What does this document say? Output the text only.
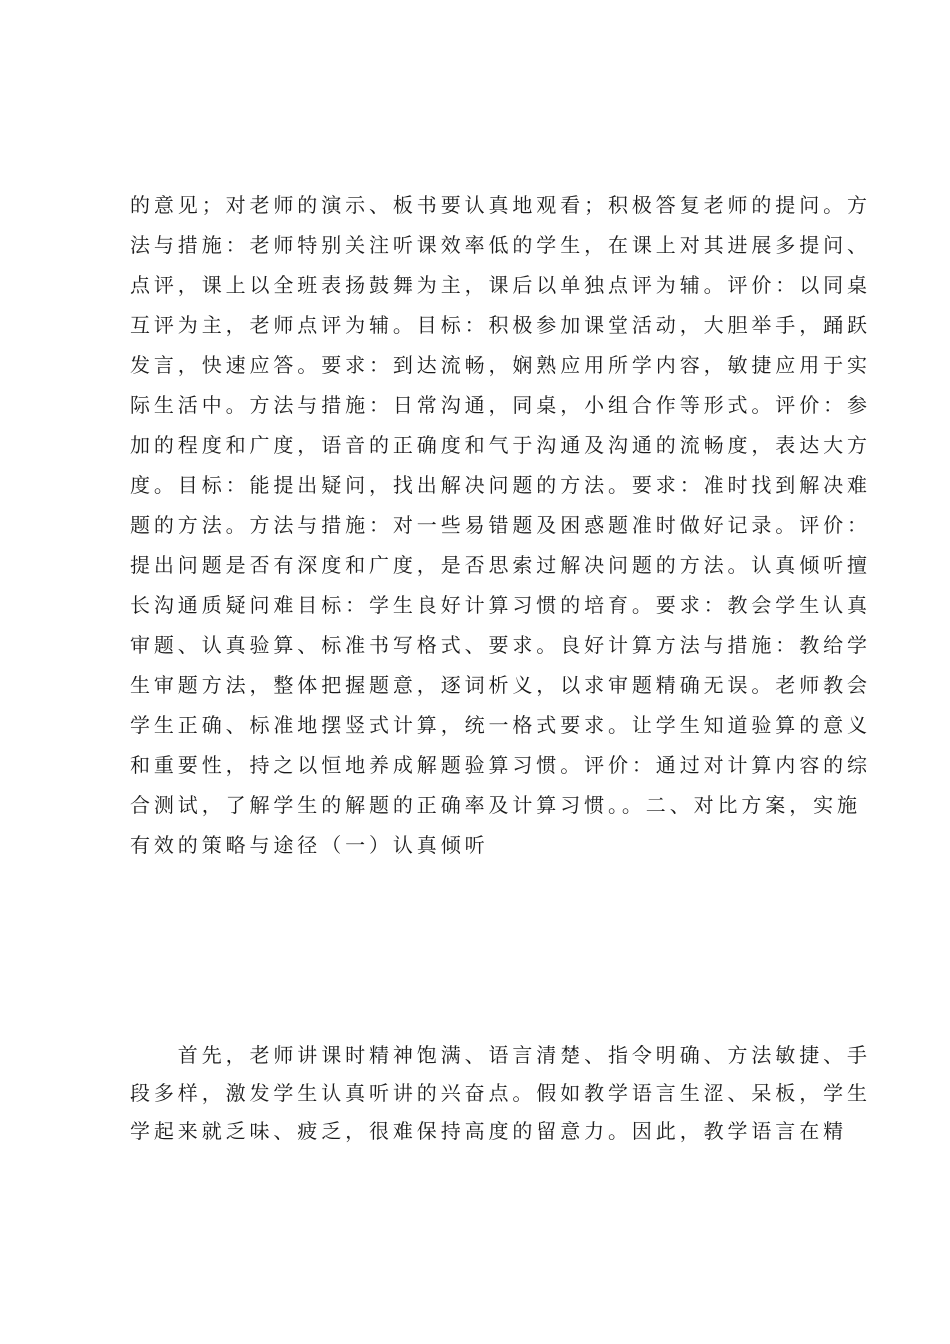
的意见；对老师的演示、板书要认真地观看；积极答复老师的提问。方
法与措施：老师特别关注听课效率低的学生，在课上对其进展多提问、
点评，课上以全班表扬鼓舞为主，课后以单独点评为辅。评价：以同桌
互评为主，老师点评为辅。目标：积极参加课堂活动，大胆举手，踊跃
发言，快速应答。要求：到达流畅，娴熟应用所学内容，敏捷应用于实
际生活中。方法与措施：日常沟通，同桌，小组合作等形式。评价：参
加的程度和广度，语音的正确度和气于沟通及沟通的流畅度，表达大方
度。目标：能提出疑问，找出解决问题的方法。要求：准时找到解决难
题的方法。方法与措施：对一些易错题及困惑题准时做好记录。评价：
提出问题是否有深度和广度，是否思索过解决问题的方法。认真倾听擅
长沟通质疑问难目标：学生良好计算习惯的培育。要求：教会学生认真
审题、认真验算、标准书写格式、要求。良好计算方法与措施：教给学
生审题方法，整体把握题意，逐词析义，以求审题精确无误。老师教会
学生正确、标准地摆竖式计算，统一格式要求。让学生知道验算的意义
和重要性，持之以恒地养成解题验算习惯。评价：通过对计算内容的综
合测试，了解学生的解题的正确率及计算习惯。。二、对比方案，实施
有效的策略与途径（一）认真倾听
　　首先，老师讲课时精神饱满、语言清楚、指令明确、方法敏捷、手
段多样，激发学生认真听讲的兴奋点。假如教学语言生涩、呆板，学生
学起来就乏味、疲乏，很难保持高度的留意力。因此，教学语言在精
